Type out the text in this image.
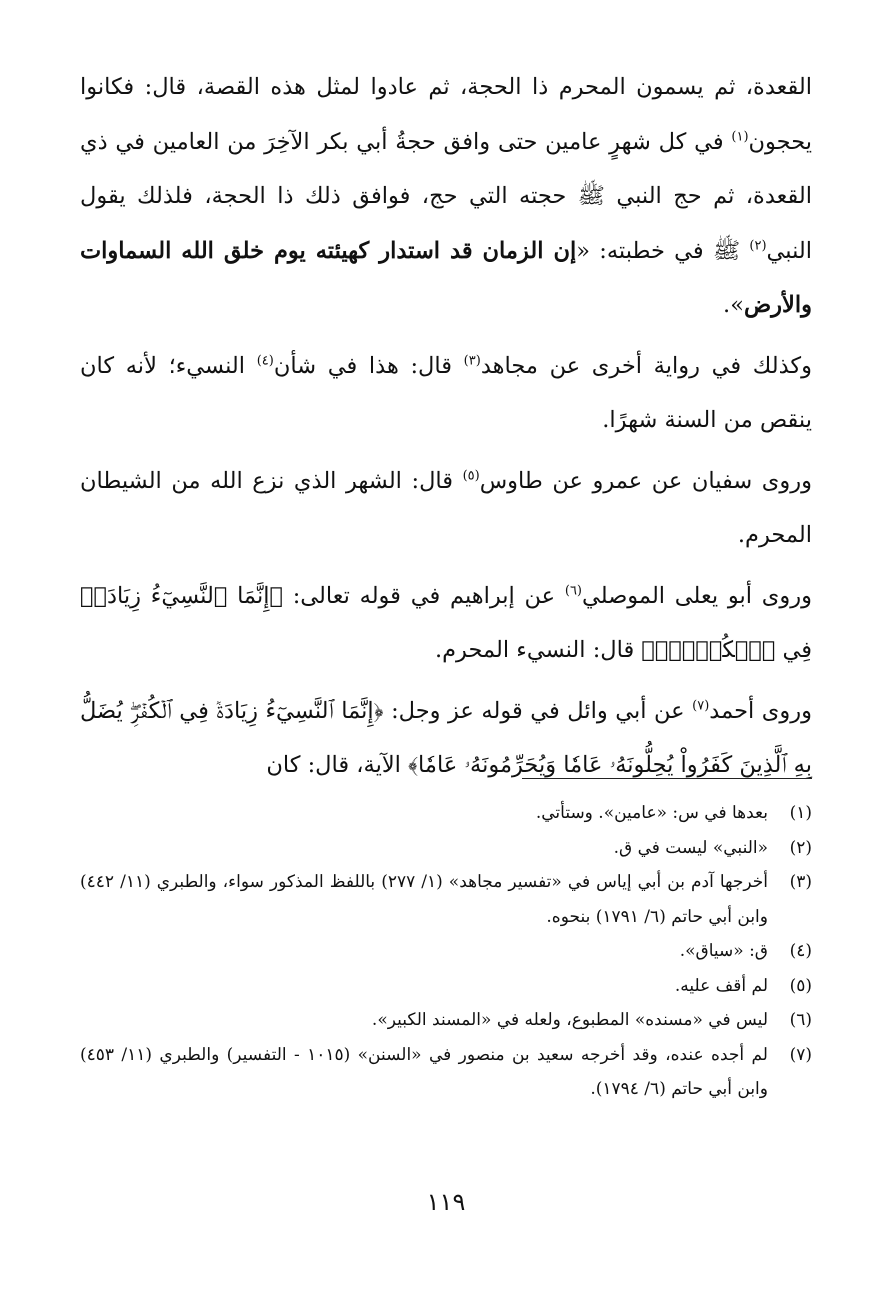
القعدة، ثم يسمون المحرم ذا الحجة، ثم عادوا لمثل هذه القصة، قال: فكانوا يحجون$^{(١)}$ في كل شهرٍ عامين حتى وافق حجةُ أبي بكر الآخِرَ من العامين في ذي القعدة، ثم حج النبي ﷺ حجته التي حج، فوافق ذلك ذا الحجة، فلذلك يقول النبي$^{(٢)}$ ﷺ في خطبته: «إن الزمان قد استدار كهيئته يوم خلق الله السماوات والأرض».

وكذلك في رواية أخرى عن مجاهد$^{(٣)}$ قال: هذا في شأن$^{(٤)}$ النسيء؛ لأنه كان ينقص من السنة شهرًا.

وروى سفيان عن عمرو عن طاوس$^{(٥)}$ قال: الشهر الذي نزع الله من الشيطان المحرم.

وروى أبو يعلى الموصلي$^{(٦)}$ عن إبراهيم في قوله تعالى: ﴿إِنَّمَا ٱلنَّسِيٓءُ زِيَادَةٞ فِي ٱلۡكُفۡرِۖ﴾ قال: النسيء المحرم.

وروى أحمد$^{(٧)}$ عن أبي وائل في قوله عز وجل: ﴿إِنَّمَا ٱلنَّسِيٓءُ زِيَادَةٞ فِي ٱلۡكُفۡرِۖ يُضَلُّ بِهِ ٱلَّذِينَ كَفَرُواْ يُحِلُّونَهُۥ عَامٗا وَيُحَرِّمُونَهُۥ عَامٗا﴾ الآية، قال: كان

(١)
بعدها في س: «عامين». وستأتي.
(٢)
«النبي» ليست في ق.
(٣)
أخرجها آدم بن أبي إياس في «تفسير مجاهد» (١/ ٢٧٧) باللفظ المذكور سواء، والطبري (١١/ ٤٤٢) وابن أبي حاتم (٦/ ١٧٩١) بنحوه.
(٤)
ق: «سياق».
(٥)
لم أقف عليه.
(٦)
ليس في «مسنده» المطبوع، ولعله في «المسند الكبير».
(٧)
لم أجده عنده، وقد أخرجه سعيد بن منصور في «السنن» (١٠١٥ - التفسير) والطبري (١١/ ٤٥٣) وابن أبي حاتم (٦/ ١٧٩٤).
١١٩
